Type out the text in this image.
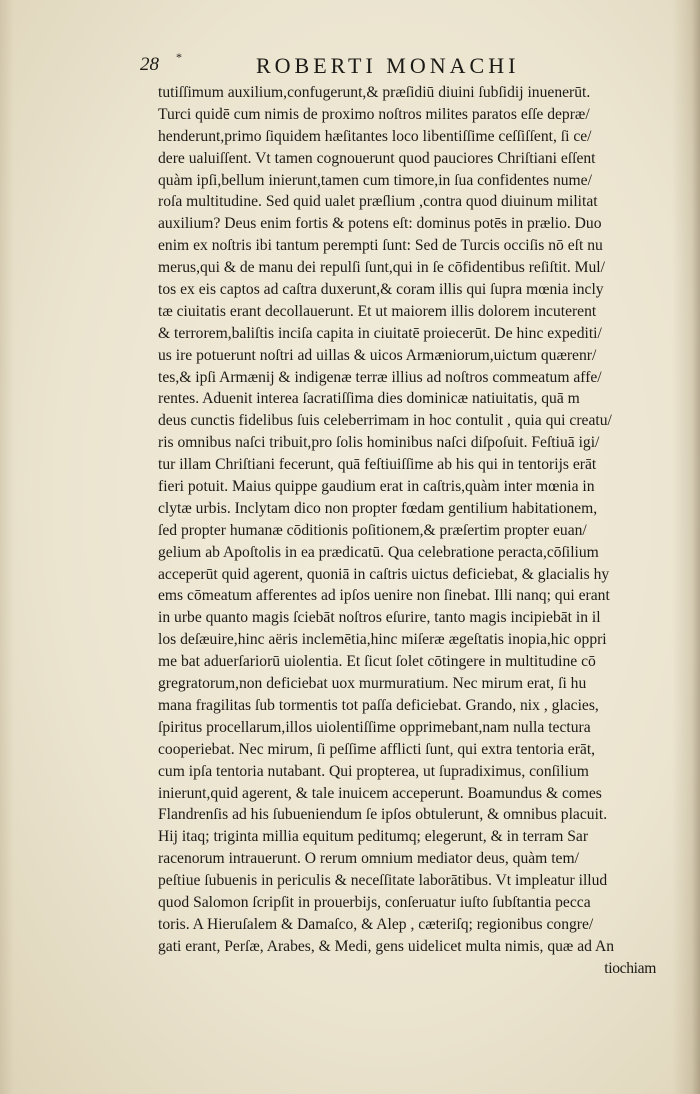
28 *	ROBERTI MONACHI
tutiſſimum auxilium,confugerunt,& præſidiū diuini ſubſidij inuenerūt.
Turci quidē cum nimis de proximo noſtros milites paratos eſſe depræ/
henderunt,primo ſiquidem hæſitantes loco libentiſſime ceſſiſſent, ſi ce/
dere ualuiſſent. Vt tamen cognouerunt quod pauciores Chriſtiani eſſent
quàm ipſi,bellum inierunt,tamen cum timore,in ſua confidentes nume/
roſa multitudine. Sed quid ualet præſlium ,contra quod diuinum militat
auxilium? Deus enim fortis & potens eſt: dominus potēs in prælio. Duo
enim ex noſtris ibi tantum perempti ſunt: Sed de Turcis occiſis nō eſt nu
merus,qui & de manu dei repulſi ſunt,qui in ſe cōfidentibus reſiſtit. Mul/
tos ex eis captos ad caſtra duxerunt,& coram illis qui ſupra mœnia incly
tæ ciuitatis erant decollauerunt. Et ut maiorem illis dolorem incuterent
& terrorem,baliſtis inciſa capita in ciuitatē proiecerūt. De hinc expediti/
us ire potuerunt noſtri ad uillas & uicos Armæniorum,uictum quærenr/
tes,& ipſi Armænij & indigenæ terræ illius ad noſtros commeatum affe/
rentes. Aduenit interea ſacratiſſima dies dominicæ natiuitatis, quā m
deus cunctis fidelibus ſuis celeberrimam in hoc contulit , quia qui creatu/
ris omnibus naſci tribuit,pro ſolis hominibus naſci diſpoſuit. Feſtiuā igi/
tur illam Chriſtiani fecerunt, quā feſtiuiſſime ab his qui in tentorijs erāt
fieri potuit. Maius quippe gaudium erat in caſtris,quàm inter mœnia in
clytæ urbis. Inclytam dico non propter fœdam gentilium habitationem,
ſed propter humanæ cōditionis poſitionem,& præſertim propter euan/
gelium ab Apoſtolis in ea prædicatū. Qua celebratione peracta,cōſilium
acceperūt quid agerent, quoniā in caſtris uictus deficiebat, & glacialis hy
ems cōmeatum afferentes ad ipſos uenire non ſinebat. Illi nanq; qui erant
in urbe quanto magis ſciebāt noſtros eſurire, tanto magis incipiebāt in il
los deſæuire,hinc aëris inclemētia,hinc miſeræ ægeſtatis inopia,hic oppri
me bat aduerſariorū uiolentia. Et ſicut ſolet cōtingere in multitudine cō
gregratorum,non deficiebat uox murmuratium. Nec mirum erat, ſi hu
mana fragilitas ſub tormentis tot paſſa deficiebat. Grando, nix , glacies,
ſpiritus procellarum,illos uiolentiſſime opprimebant,nam nulla tectura
cooperiebat. Nec mirum, ſi peſſime afflicti ſunt, qui extra tentoria erāt,
cum ipſa tentoria nutabant. Qui propterea, ut ſupradiximus, conſilium
inierunt,quid agerent, & tale inuicem acceperunt. Boamundus & comes
Flandrenſis ad his ſubueniendum ſe ipſos obtulerunt, & omnibus placuit.
Hij itaq; triginta millia equitum peditumq; elegerunt, & in terram Sar
racenorum intrauerunt. O rerum omnium mediator deus, quàm tem/
peſtiue ſubuenis in periculis & neceſſitate laborātibus. Vt impleatur illud
quod Salomon ſcripſit in prouerbijs, conſeruatur iuſto ſubſtantia pecca
toris. A Hieruſalem & Damaſco, & Alep , cæteriſq; regionibus congre/
gati erant, Perſæ, Arabes, & Medi, gens uidelicet multa nimis, quæ ad An
tiochiam
